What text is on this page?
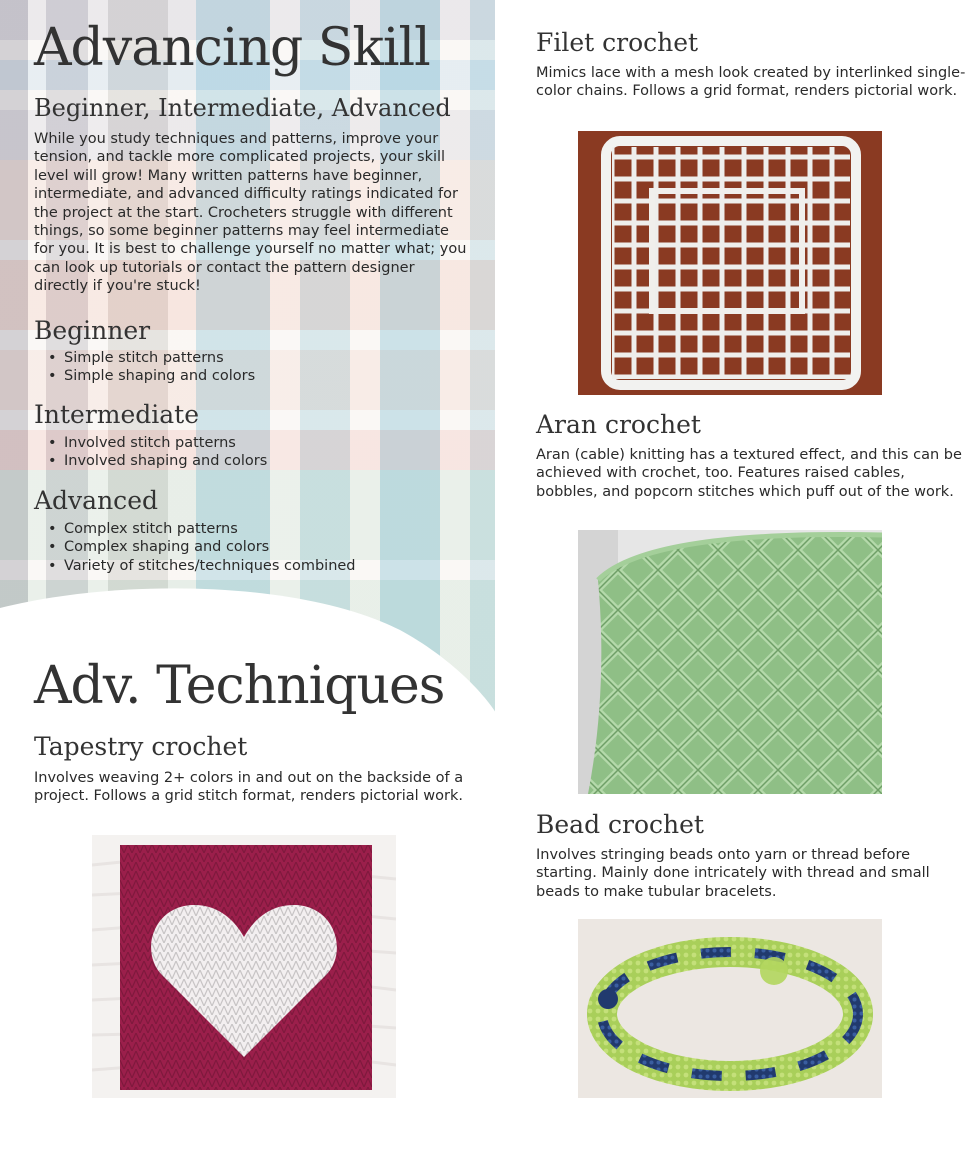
Advancing Skill
Beginner, Intermediate, Advanced

While you study techniques and patterns, improve your tension, and tackle more complicated projects, your skill level will grow! Many written patterns have beginner, intermediate, and advanced difficulty ratings indicated for the project at the start. Crocheters struggle with different things, so some beginner patterns may feel intermediate for you. It is best to challenge yourself no matter what; you can look up tutorials or contact the pattern designer directly if you're stuck!

Beginner
• Simple stitch patterns
• Simple shaping and colors
Intermediate
• Involved stitch patterns
• Involved shaping and colors
Advanced
• Complex stitch patterns
• Complex shaping and colors
• Variety of stitches/techniques combined
Adv. Techniques
Tapestry crochet

Involves weaving 2+ colors in and out on the backside of a project. Follows a grid stitch format, renders pictorial work.

Filet crochet

Mimics lace with a mesh look created by interlinked single-color chains. Follows a grid format, renders pictorial work.

Aran crochet

Aran (cable) knitting has a textured effect, and this can be achieved with crochet, too. Features raised cables, bobbles, and popcorn stitches which puff out of the work.

Bead crochet

Involves stringing beads onto yarn or thread before starting. Mainly done intricately with thread and small beads to make tubular bracelets.
